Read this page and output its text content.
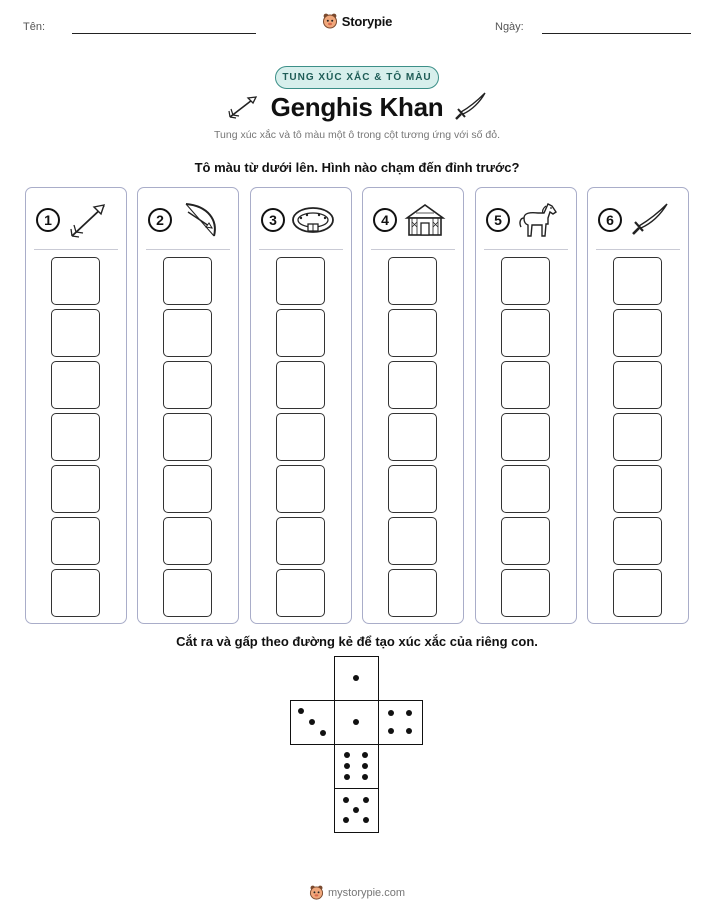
Tên:	Storypie	Ngày:
TUNG XÚC XẮC & TÔ MÀU
Genghis Khan
Tung xúc xắc và tô màu một ô trong cột tương ứng với số đỏ.
Tô màu từ dưới lên. Hình nào chạm đến đỉnh trước?
1	2	3	4	5	6
Cắt ra và gấp theo đường kẻ để tạo xúc xắc của riêng con.
mystorypie.com
